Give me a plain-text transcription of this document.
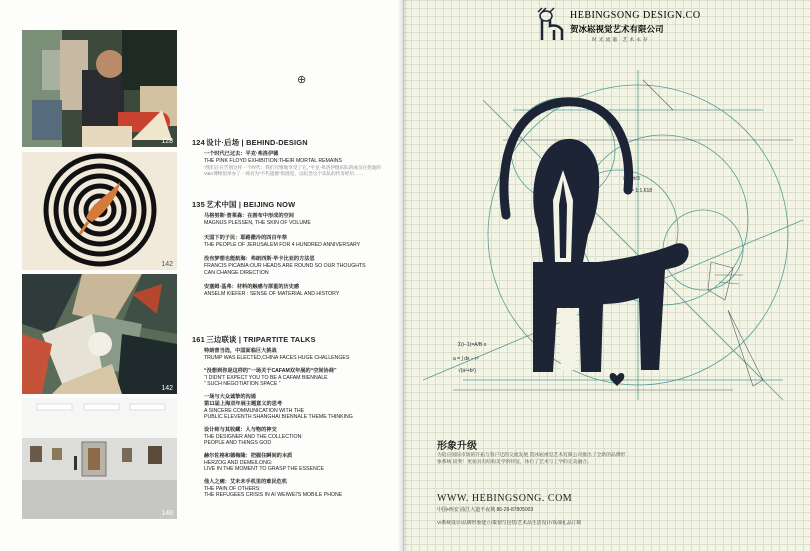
128
142
142
148
⊕
124 设计·后场 | BEHIND-DESIGN
一个时代已过去：平克·弗洛伊德
THE PINK FLOYD EXHIBITION:THEIR MORTAL REMAINS
“我们正在告别这样一个时代：我们尽情地享受了它。”平克·弗洛伊德乐队的成员在伦敦的
V&A博物馆举办了一场名为“不朽遗骸”的展览，以纪念这个乐队的传奇经历……
135 艺术中国 | BEIJING NOW
马格努斯·普莱森：在画布中形成的空间
MAGNUS PLESSEN, THE SKIN OF VOLUME
天国下的子民：耶路撒冷的四百年祭
THE PEOPLE OF JERUSALEM FOR 4 HUNDRED ANNIVERSARY
没有梦想也能航海：弗朗西斯·毕卡比亚的方法思
FRANCIS PICABIA:OUR HEADS ARE ROUND SO OUR THOUGHTS
CAN CHANGE DIRECTION
安塞姆·基弗：材料的触感与厚重的历史感
ANSELM KIEFER : SENSE OF MATERIAL AND HISTORY
161 三边联谈 | TRIPARTITE TALKS
特朗普当选，中国面临巨大挑战
TRUMP WAS ELECTED,CHINA FACES HUGE CHALLENGES
“没想到你是这样的”一场关于CAFAM双年展的“空间协商”
“I DIDN'T EXPECT YOU TO BE A CAFAM BIENNALE
” SUCH NEGOTIATION SPACE ”
一场与大众诚挚的沟通
第11届上海双年展主题意义的思考
A SINCERE COMMUNICATION WITH THE
PUBLIC ELEVENTH SHANGHAI BIENNALE THEME THINKING
设计师与其收藏：人与物的神交
THE DESIGNER AND THE COLLECTION:
PEOPLE AND THINGS GOD
赫尔佐格和德梅隆：把握住瞬间的本质
HERZOG AND DEMEILONG:
LIVE IN THE MOMENT TO GRASP THE ESSENCE
他人之痛：艾未未手机里的难民危机
THE PAIN OF OTHERS:
THE REFUGEES CRISIS IN AI WEIWEI'S MOBILE PHONE
HEBINGSONG DESIGN.CO
贺冰崧视觉艺术有限公司
时光流逝 艺术永存
Σ(i−1)=A/B·x
a = ∫ dx − r²
√(a²+b²)
x′ = π/3
r = 1:1.618
形象升级
为追应国际市场的开拓与客户迁的交流发展 贺冰崧视觉艺术有限公司推出了全新的品牌形象系统 较突！更加具有结构美学的特征，体行了艺术与工学的完美融合。
WWW. HEBINGSONG. COM
中国•西安 曲江大道不夜城 86-29-87805003
VI系统设计/品牌形象建立/策划与包装/艺术品生活设计/高端礼品订制
